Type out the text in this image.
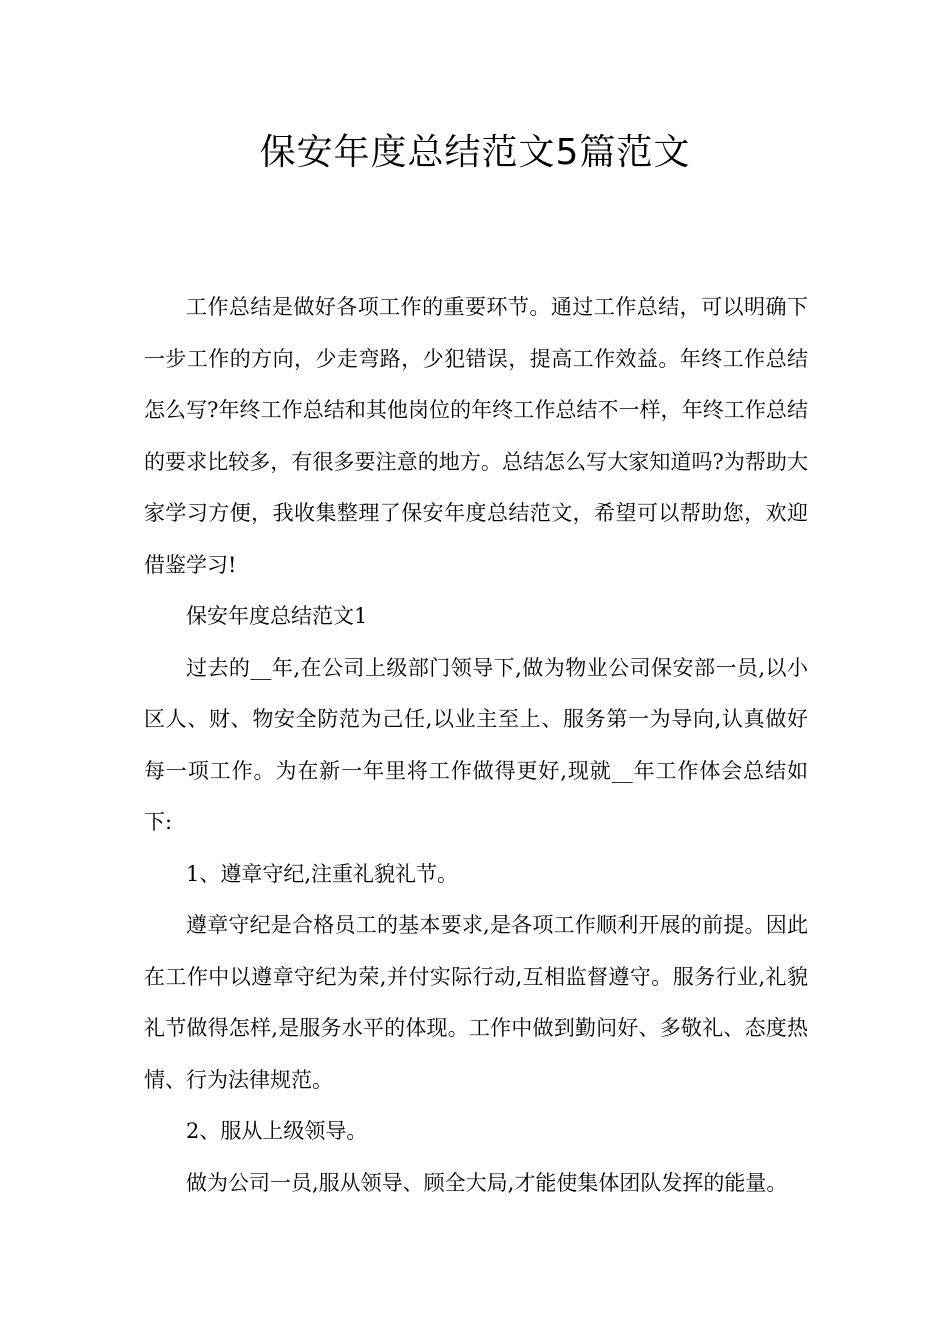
保安年度总结范文5篇范文

工作总结是做好各项工作的重要环节。通过工作总结，可以明确下一步工作的方向，少走弯路，少犯错误，提高工作效益。年终工作总结怎么写?年终工作总结和其他岗位的年终工作总结不一样，年终工作总结的要求比较多，有很多要注意的地方。总结怎么写大家知道吗?为帮助大家学习方便，我收集整理了保安年度总结范文，希望可以帮助您，欢迎借鉴学习!

保安年度总结范文1

过去的__年,在公司上级部门领导下,做为物业公司保安部一员,以小区人、财、物安全防范为己任,以业主至上、服务第一为导向,认真做好每一项工作。为在新一年里将工作做得更好,现就__年工作体会总结如下:

1、遵章守纪,注重礼貌礼节。

遵章守纪是合格员工的基本要求,是各项工作顺利开展的前提。因此在工作中以遵章守纪为荣,并付实际行动,互相监督遵守。服务行业,礼貌礼节做得怎样,是服务水平的体现。工作中做到勤问好、多敬礼、态度热情、行为法律规范。

2、服从上级领导。

做为公司一员,服从领导、顾全大局,才能使集体团队发挥的能量。
